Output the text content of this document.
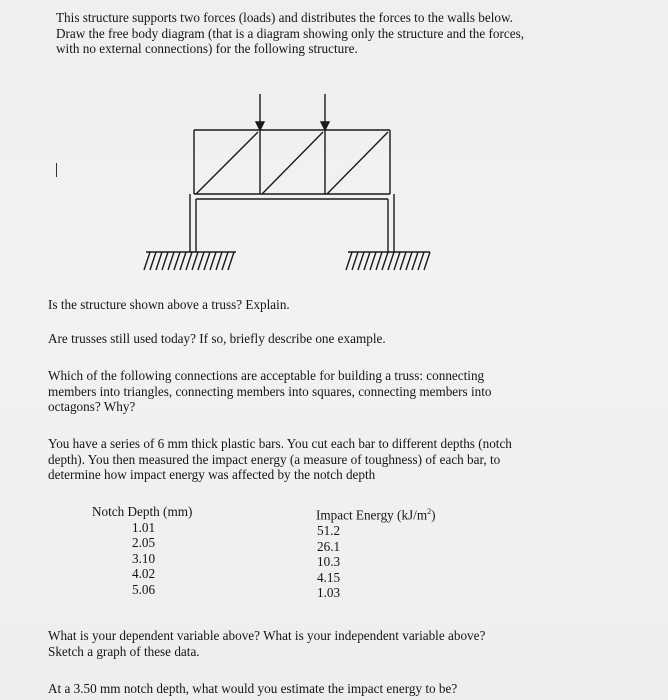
This structure supports two forces (loads) and distributes the forces to the walls below.
Draw the free body diagram (that is a diagram showing only the structure and the forces,
with no external connections) for the following structure.
Is the structure shown above a truss? Explain.
Are trusses still used today? If so, briefly describe one example.
Which of the following connections are acceptable for building a truss: connecting
members into triangles, connecting members into squares, connecting members into
octagons? Why?
You have a series of 6 mm thick plastic bars. You cut each bar to different depths (notch
depth). You then measured the impact energy (a measure of toughness) of each bar, to
determine how impact energy was affected by the notch depth
Notch Depth (mm)
1.01
2.05
3.10
4.02
5.06
Impact Energy $(kJ/m^2)$
51.2
26.1
10.3
4.15
1.03
What is your dependent variable above? What is your independent variable above?
Sketch a graph of these data.
At a 3.50 mm notch depth, what would you estimate the impact energy to be?
